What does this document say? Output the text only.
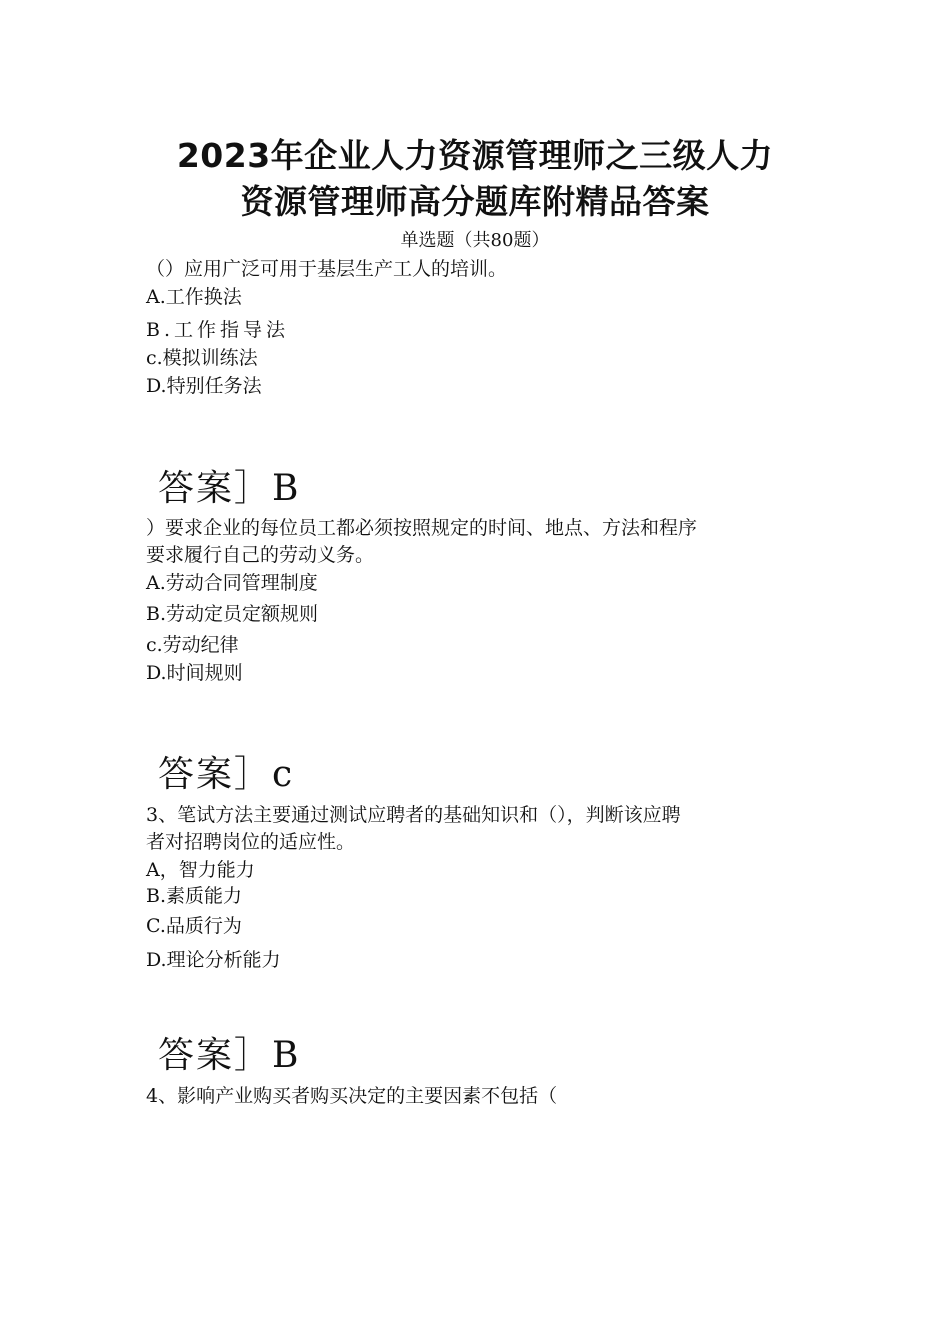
2023年企业人力资源管理师之三级人力
资源管理师高分题库附精品答案
单选题（共80题）
（）应用广泛可用于基层生产工人的培训。
A.工作换法
B.工作指导法
c.模拟训练法
D.特别任务法
答案］B
）要求企业的每位员工都必须按照规定的时间、地点、方法和程序
要求履行自己的劳动义务。
A.劳动合同管理制度
B.劳动定员定额规则
c.劳动纪律
D.时间规则
答案］c
3、笔试方法主要通过测试应聘者的基础知识和（），判断该应聘
者对招聘岗位的适应性。
A，智力能力
B.素质能力
C.品质行为
D.理论分析能力
答案］B
4、影响产业购买者购买决定的主要因素不包括（
